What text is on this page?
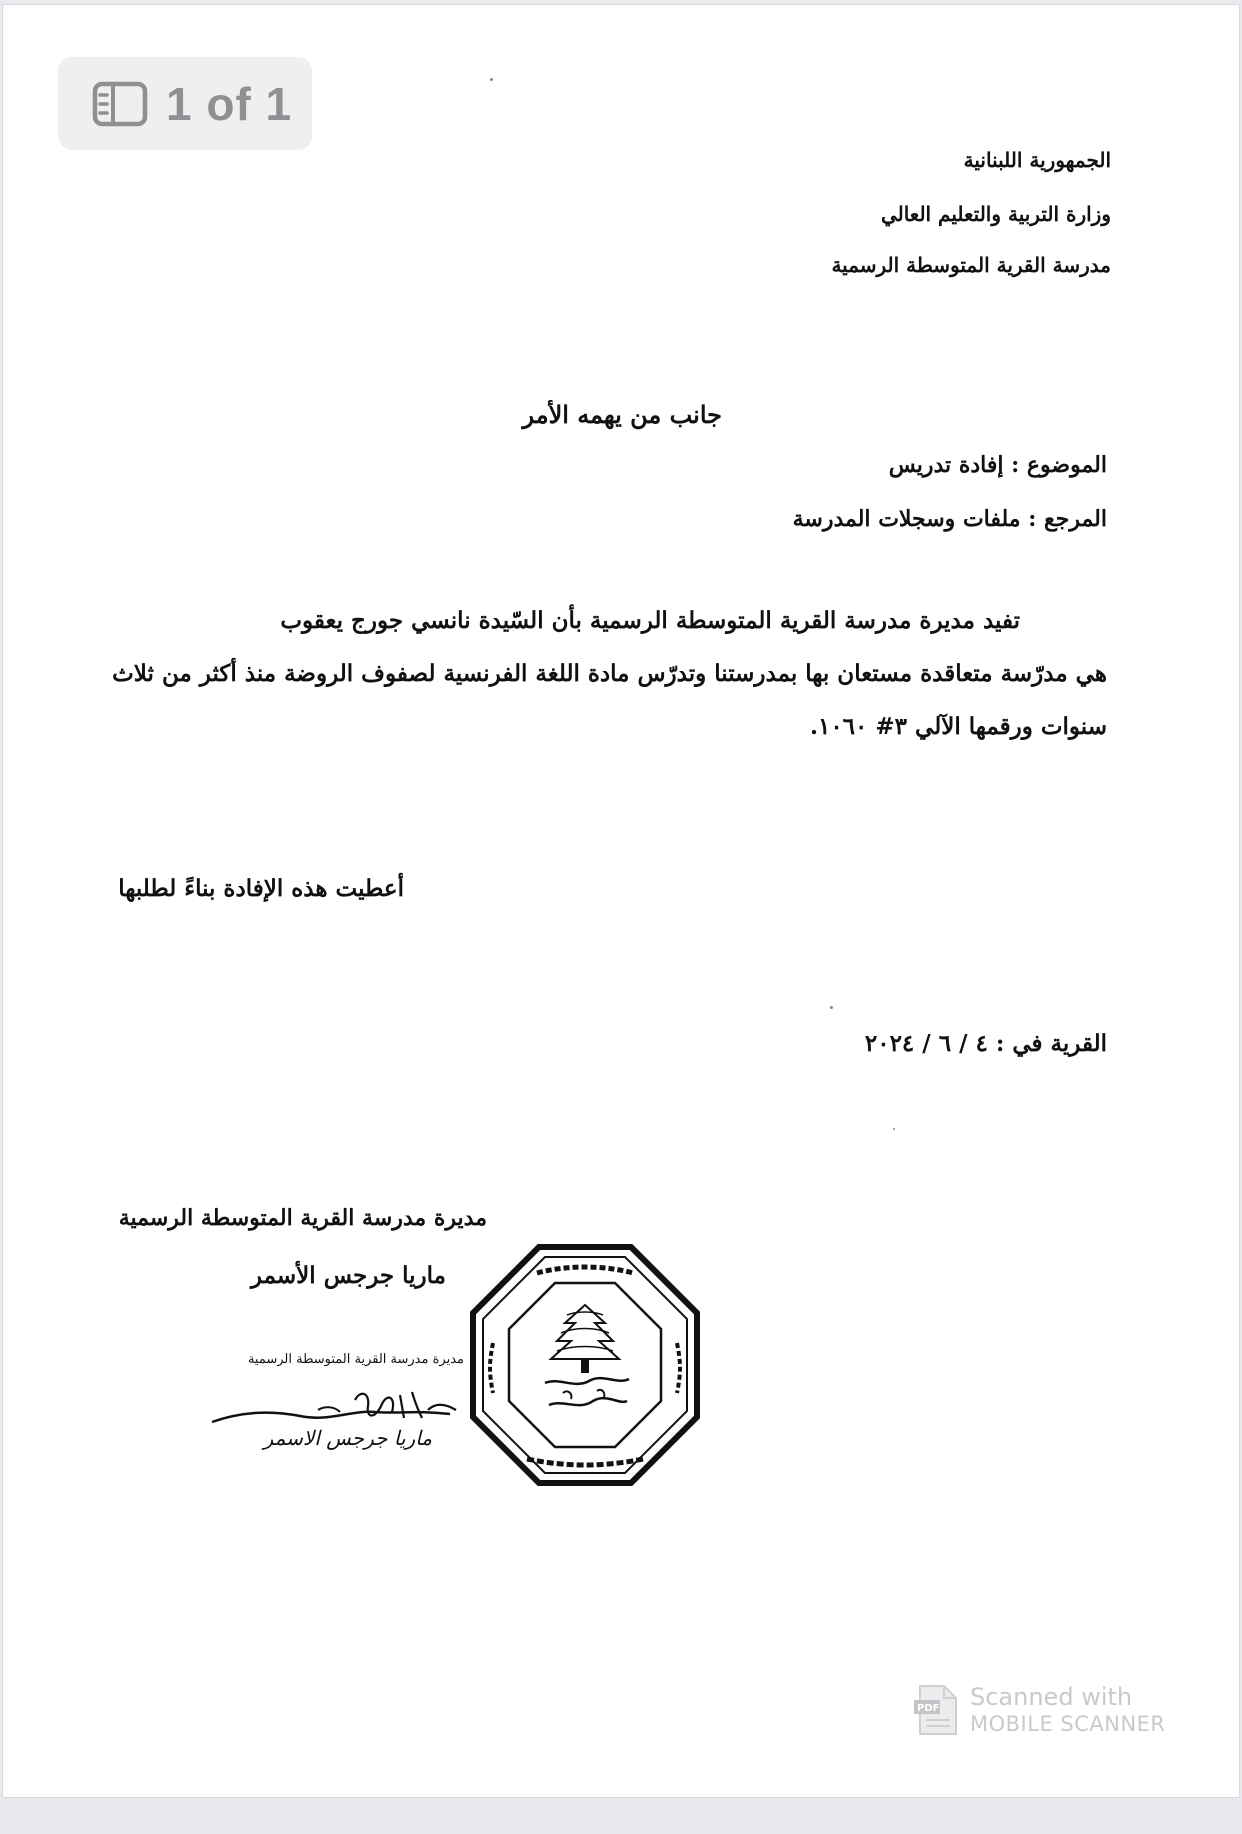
1 of 1
الجمهورية اللبنانية
وزارة التربية والتعليم العالي
مدرسة القرية المتوسطة الرسمية
جانب من يهمه الأمر
الموضوع : إفادة تدريس
المرجع : ملفات وسجلات المدرسة
تفيد مديرة مدرسة القرية المتوسطة الرسمية بأن السّيدة نانسي جورج يعقوب
هي مدرّسة متعاقدة مستعان بها بمدرستنا وتدرّس مادة اللغة الفرنسية لصفوف الروضة منذ أكثر من ثلاث
سنوات ورقمها الآلي ٣# ١٠٦٠.
أعطيت هذه الإفادة بناءً لطلبها
القرية في : ٤ / ٦ / ٢٠٢٤
مديرة مدرسة القرية المتوسطة الرسمية
ماريا جرجس الأسمر
مديرة مدرسة القرية المتوسطة الرسمية
ماريا جرجس الاسمر
PDF Scanned with
MOBILE SCANNER
